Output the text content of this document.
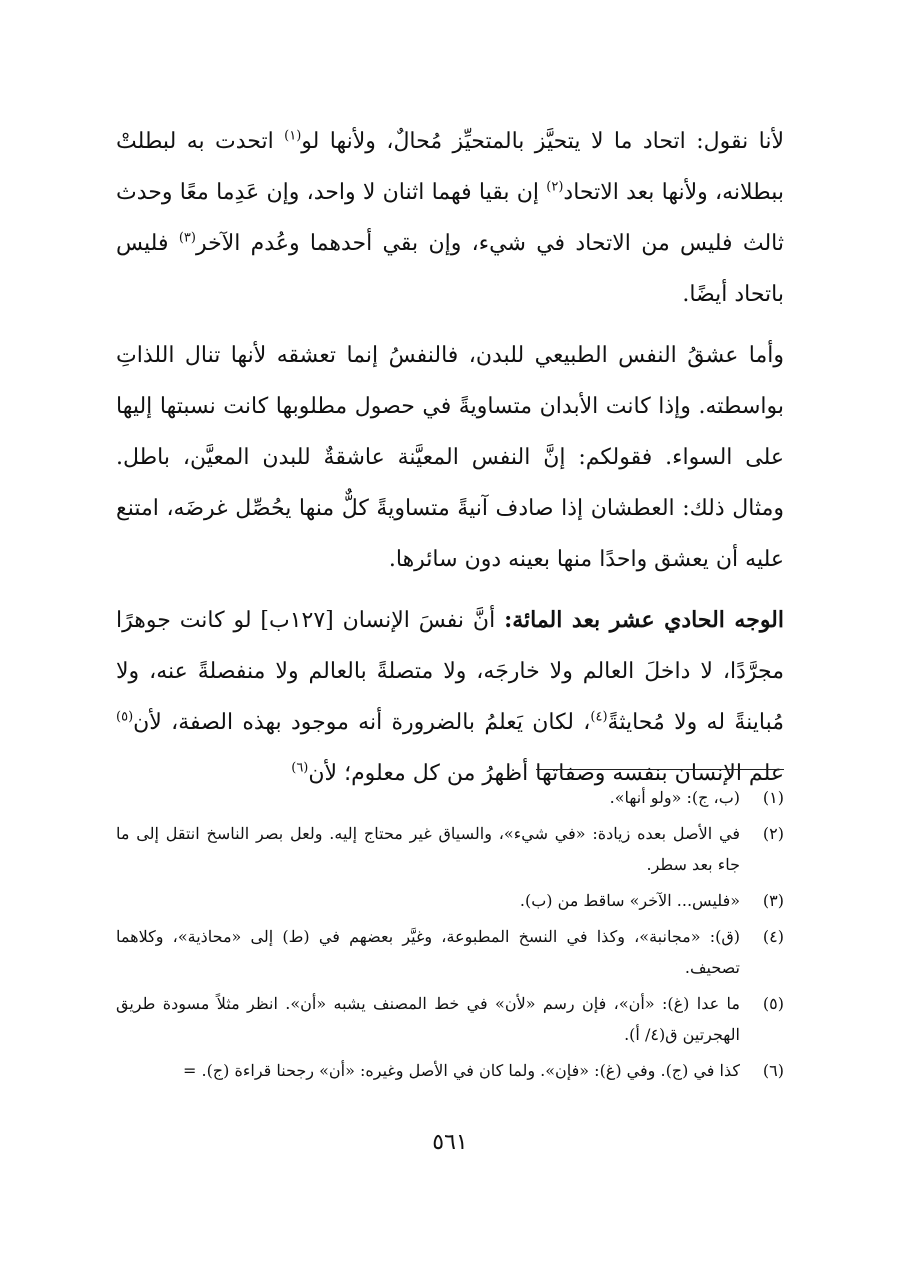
لأنا نقول: اتحاد ما لا يتحيَّز بالمتحيِّز مُحالٌ، ولأنها لو$^{(١)}$ اتحدت به لبطلتْ ببطلانه، ولأنها بعد الاتحاد$^{(٢)}$ إن بقيا فهما اثنان لا واحد، وإن عَدِما معًا وحدث ثالث فليس من الاتحاد في شيء، وإن بقي أحدهما وعُدم الآخر$^{(٣)}$ فليس باتحاد أيضًا.

وأما عشقُ النفس الطبيعي للبدن، فالنفسُ إنما تعشقه لأنها تنال اللذاتِ بواسطته. وإذا كانت الأبدان متساويةً في حصول مطلوبها كانت نسبتها إليها على السواء. فقولكم: إنَّ النفس المعيَّنة عاشقةٌ للبدن المعيَّن، باطل. ومثال ذلك: العطشان إذا صادف آنيةً متساويةً كلٌّ منها يحُصِّل غرضَه، امتنع عليه أن يعشق واحدًا منها بعينه دون سائرها.

الوجه الحادي عشر بعد المائة: أنَّ نفسَ الإنسان [١٢٧ب] لو كانت جوهرًا مجرَّدًا، لا داخلَ العالم ولا خارجَه، ولا متصلةً بالعالم ولا منفصلةً عنه، ولا مُباينةً له ولا مُحايثةً$^{(٤)}$، لكان يَعلمُ بالضرورة أنه موجود بهذه الصفة، لأن$^{(٥)}$ علم الإنسان بنفسه وصفاتها أظهرُ من كل معلوم؛ لأن$^{(٦)}$

(١)
(ب، ج): «ولو أنها».
(٢)
في الأصل بعده زيادة: «في شيء»، والسياق غير محتاج إليه. ولعل بصر الناسخ انتقل إلى ما جاء بعد سطر.
(٣)
«فليس... الآخر» ساقط من (ب).
(٤)
(ق): «مجانبة»، وكذا في النسخ المطبوعة، وغيَّر بعضهم في (ط) إلى «محاذية»، وكلاهما تصحيف.
(٥)
ما عدا (غ): «أن»، فإن رسم «لأن» في خط المصنف يشبه «أن». انظر مثلاً مسودة طريق الهجرتين ق(٤/ أ).
(٦)
كذا في (ج). وفي (غ): «فإن». ولما كان في الأصل وغيره: «أن» رجحنا قراءة (ج). =
٥٦١
